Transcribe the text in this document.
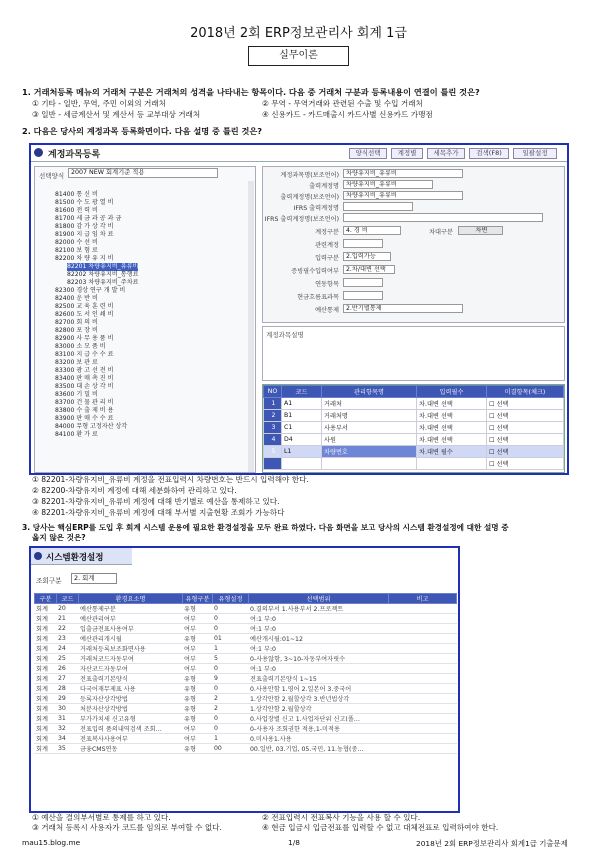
2018년 2회 ERP정보관리사 회계 1급
실무이론
1. 거래처등록 메뉴의 거래처 구분은 거래처의 성격을 나타내는 항목이다. 다음 중 거래처 구분과 등록내용이 연결이 틀린 것은?
① 기타 - 일반, 무역, 주민 이외의 거래처	② 무역 - 무역거래와 관련된 수출 및 수입 거래처
③ 일반 - 세금계산서 및 계산서 등 교부대상 거래처	④ 신용카드 - 카드매출시 카드사별 신용카드 가맹점
2. 다음은 당사의 계정과목 등록화면이다. 다음 설명 중 틀린 것은?
계정과목등록	양식선택	계정별	세목추가	검색(F8)	일괄설정
선택양식	2007 NEW 회계기준 적용
81400 통 신 비
81500 수 도 광 열 비
81600 전 력 비
81700 세 금 과 공 과 금
81800 감 가 상 각 비
81900 지 급 임 차 료
82000 수 선 비
82100 보 험 료
82200 차 량 유 지 비
82201 차량유지비_유류비
82202 차량유지비_통행료
82203 차량유지비_주차료
82300 경상 연구 개 발 비
82400 운 반 비
82500 교 육 훈 련 비
82600 도 서 인 쇄 비
82700 회 의 비
82800 포 장 비
82900 사 무 용 품 비
83000 소 모 품 비
83100 지 급 수 수 료
83200 보 관 료
83300 광 고 선 전 비
83400 판 매 촉 진 비
83500 대 손 상 각 비
83600 기 밀 비
83700 건 물 관 리 비
83800 수 출 제 비 용
83900 판 매 수 수 료
84000 무형 고정자산 상각
84100 환 가 료
계정과목명(보조언어)	차량유지비_유류비
출력계정명	차량유지비_유류비
출력계정명(보조언어)	차량유지비_유류비
IFRS 출력계정명
IFRS 출력계정명(보조언어)
계정구분	4. 경 비	차대구분	차변
관련계정
입력구분	2.입력가능
증빙필수입력여부	2.차/대변 선택
연동항목
현금흐름표과목
예산통제	2.반기별통제
계정과목설명
NO	코드	관리항목명	입력필수	미결항목(체크)
1	A1	거래처	차.대변 선택	☐ 선택
2	B1	거래처명	차.대변 선택	☐ 선택
3	C1	사용부서	차.대변 선택	☐ 선택
4	D4	사원	차.대변 선택	☐ 선택
5	L1	차량번호	차.대변 필수	☐ 선택
				☐ 선택
① 82201-차량유지비_유류비 계정을 전표입력시 차량번호는 반드시 입력해야 한다.
② 82200-차량유지비 계정에 대해 세분화하여 관리하고 있다.
③ 82201-차량유지비_유류비 계정에 대해 반기별로 예산을 통제하고 있다.
④ 82201-차량유지비_유류비 계정에 대해 부서별 지출현황 조회가 가능하다
3. 당사는 핵심ERP를 도입 후 회계 시스템 운용에 필요한 환경설정을 모두 완료 하였다. 다음 화면을 보고 당사의 시스템 환경설정에 대한 설명 중
옳지 않은 것은?
시스템환경설정
조회구분	2. 회계
구분	코드	환경요소명	유형구분	유형설정	선택범위	비고
회계	20	예산통제구분	유형	0	0.결의부서 1.사용부서 2.프로젝트	
회계	21	예산관리여부	여부	0	여:1 부:0	
회계	22	입출금전표사용여부	여부	0	여:1 부:0	
회계	23	예산관리개시월	유형	01	예산개시월:01~12	
회계	24	거래처등록보조화면사용	여부	1	여:1 부:0	
회계	25	거래처코드자동부여	여부	5	0-사용않함, 3~10-자동부여자릿수	
회계	26	자산코드자동부여	여부	0	여:1 부:0	
회계	27	전표출력기본양식	유형	9	전표출력기본양식 1~15	
회계	28	다국어재무제표 사용	유형	0	0.사용안함 1.영어 2.일본어 3.중국어	
회계	29	등록자산상각방법	유형	2	1.상각안함 2.월할상각 3.반년법상각	
회계	30	처분자산상각방법	유형	2	1.상각안함 2.월할상각	
회계	31	부가가치세 신고유형	유형	0	0.사업장별 신고 1.사업자단위 신고(폴…	
회계	32	전표입력 품의내역검색 조회…	여부	0	0-사용자 조회권한 적용,1-미적용	
회계	34	전표복사사용여부	여부	1	0.미사용1.사용	
회계	35	금융CMS연동	유형	00	00.일반, 03.기업, 05.국민, 11.농협(중…	
① 예산을 결의부서별로 통제를 하고 있다.	② 전표입력시 전표복사 기능을 사용 할 수 있다.
③ 거래처 등록시 사용자가 코드를 임의로 부여할 수 없다.	④ 현금 입금시 입금전표를 입력할 수 없고 대체전표로 입력하여야 한다.
mau15.blog.me	1/8	2018년 2회 ERP정보관리사 회계1급 기출문제
